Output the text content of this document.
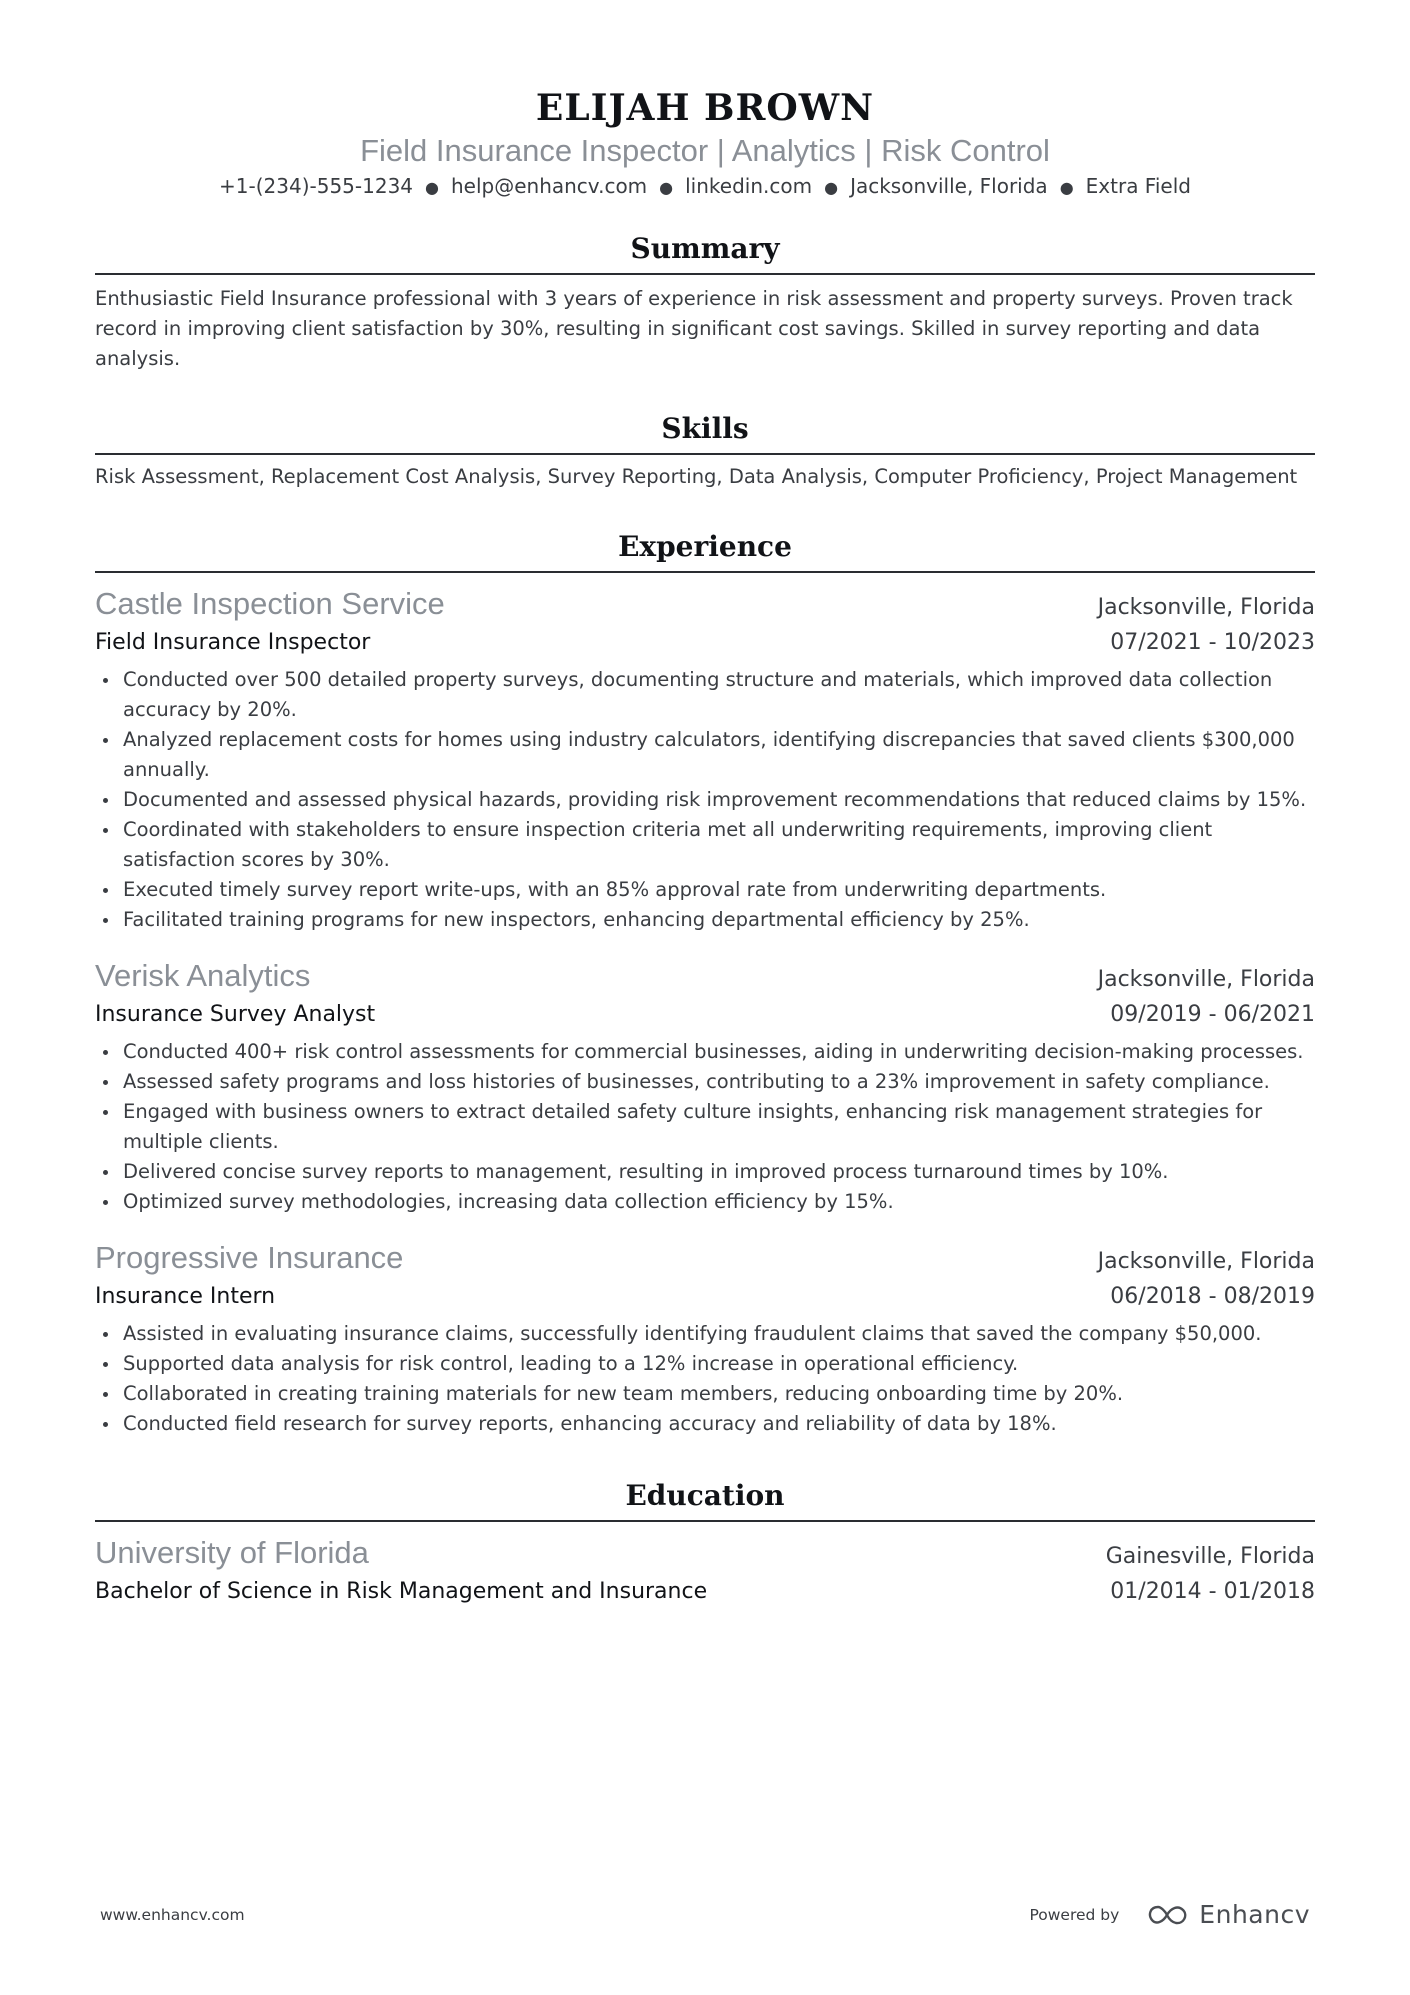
ELIJAH BROWN
Field Insurance Inspector | Analytics | Risk Control
+1-(234)-555-1234 ● help@enhancv.com ● linkedin.com ● Jacksonville, Florida ● Extra Field
Summary
Enthusiastic Field Insurance professional with 3 years of experience in risk assessment and property surveys. Proven track record in improving client satisfaction by 30%, resulting in significant cost savings. Skilled in survey reporting and data analysis.
Skills
Risk Assessment, Replacement Cost Analysis, Survey Reporting, Data Analysis, Computer Proficiency, Project Management
Experience
Castle Inspection Service	Jacksonville, Florida
Field Insurance Inspector	07/2021 - 10/2023
Conducted over 500 detailed property surveys, documenting structure and materials, which improved data collection accuracy by 20%.
Analyzed replacement costs for homes using industry calculators, identifying discrepancies that saved clients $300,000 annually.
Documented and assessed physical hazards, providing risk improvement recommendations that reduced claims by 15%.
Coordinated with stakeholders to ensure inspection criteria met all underwriting requirements, improving client satisfaction scores by 30%.
Executed timely survey report write-ups, with an 85% approval rate from underwriting departments.
Facilitated training programs for new inspectors, enhancing departmental efficiency by 25%.
Verisk Analytics	Jacksonville, Florida
Insurance Survey Analyst	09/2019 - 06/2021
Conducted 400+ risk control assessments for commercial businesses, aiding in underwriting decision-making processes.
Assessed safety programs and loss histories of businesses, contributing to a 23% improvement in safety compliance.
Engaged with business owners to extract detailed safety culture insights, enhancing risk management strategies for multiple clients.
Delivered concise survey reports to management, resulting in improved process turnaround times by 10%.
Optimized survey methodologies, increasing data collection efficiency by 15%.
Progressive Insurance	Jacksonville, Florida
Insurance Intern	06/2018 - 08/2019
Assisted in evaluating insurance claims, successfully identifying fraudulent claims that saved the company $50,000.
Supported data analysis for risk control, leading to a 12% increase in operational efficiency.
Collaborated in creating training materials for new team members, reducing onboarding time by 20%.
Conducted field research for survey reports, enhancing accuracy and reliability of data by 18%.
Education
University of Florida	Gainesville, Florida
Bachelor of Science in Risk Management and Insurance	01/2014 - 01/2018
www.enhancv.com	Powered by	Enhancv
